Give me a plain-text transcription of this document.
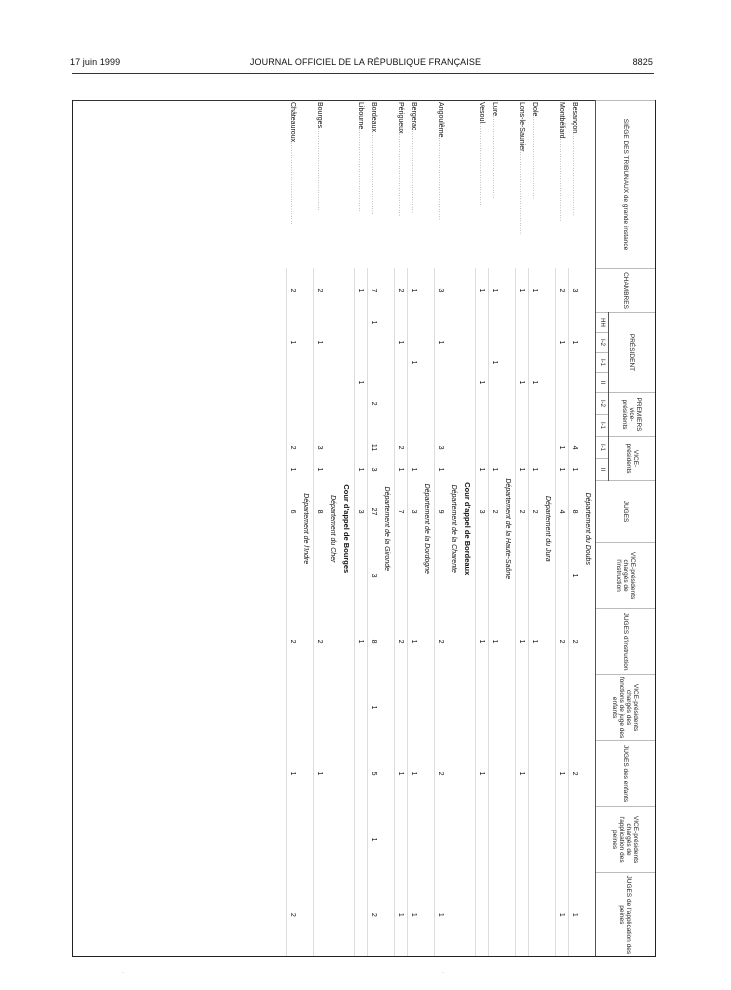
17 juin 1999	JOURNAL OFFICIEL DE LA RÉPUBLIQUE FRANÇAISE	8825
SIÈGE DES TRIBUNAUX de grande instance	CHAMBRES	PRÉSIDENT				PREMIERS vice-présidents		VICE-présidents		JUGES	VICE-présidents chargés de l'instruction	JUGES d'instruction	VICE-présidents chargés des fonctions de juge des enfants	JUGES des enfants	VICE-présidents chargés de l'application des peines	JUGES de l'application des peines
		HH	I-2	I-1	II	I-2	I-1	I-1	II							
Département du Doubs																
Besançon..................................	3		1					4	1	8	1	2		2		1
Montbéliard..................................	2		1					1	1	4		2		1		1
Département du Jura																
Dole..................................	1				1				1	2		1				
Lons-le-Saunier..................................	1				1				1	2		1		1		
Département de la Haute-Saône																
Lure..................................	1			1					1	2		1				
Vesoul..................................	1				1				1	3		1		1		
Cour d'appel de Bordeaux																
Département de la Charente																
Angoulême..................................	3		1					3	1	9		2		2		1
Département de la Dordogne																
Bergerac..................................	1			1					1	3		1		1		1
Périgueux..................................	2		1					2	1	7		2		1		1
Département de la Gironde																
Bordeaux..................................	7	1				2		11	3	27	3	8	1	5	1	2
Libourne..................................	1				1				1	3		1				
Cour d'appel de Bourges																
Département du Cher																
Bourges..................................	2		1					3	1	8		2		1		
Département de l'Indre																
Châteauroux..................................	2		1					2	1	6		2		1		2
·	·
